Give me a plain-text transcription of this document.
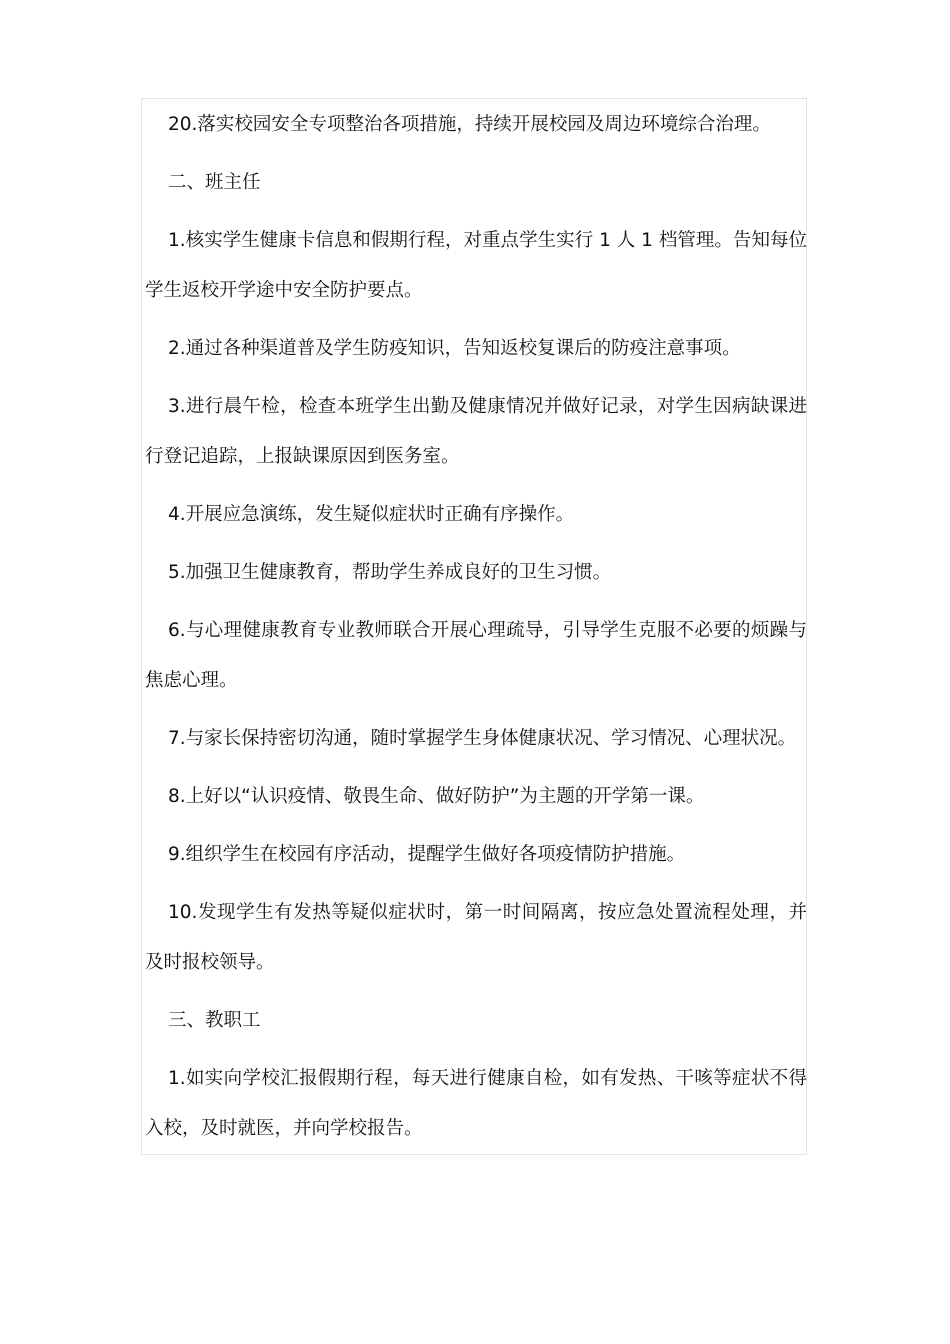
20.落实校园安全专项整治各项措施，持续开展校园及周边环境综合治理。

二、班主任

1.核实学生健康卡信息和假期行程，对重点学生实行 1 人 1 档管理。告知每位学生返校开学途中安全防护要点。

2.通过各种渠道普及学生防疫知识，告知返校复课后的防疫注意事项。

3.进行晨午检，检查本班学生出勤及健康情况并做好记录，对学生因病缺课进行登记追踪，上报缺课原因到医务室。

4.开展应急演练，发生疑似症状时正确有序操作。

5.加强卫生健康教育，帮助学生养成良好的卫生习惯。

6.与心理健康教育专业教师联合开展心理疏导，引导学生克服不必要的烦躁与焦虑心理。

7.与家长保持密切沟通，随时掌握学生身体健康状况、学习情况、心理状况。

8.上好以“认识疫情、敬畏生命、做好防护”为主题的开学第一课。

9.组织学生在校园有序活动，提醒学生做好各项疫情防护措施。

10.发现学生有发热等疑似症状时，第一时间隔离，按应急处置流程处理，并及时报校领导。

三、教职工

1.如实向学校汇报假期行程，每天进行健康自检，如有发热、干咳等症状不得入校，及时就医，并向学校报告。
